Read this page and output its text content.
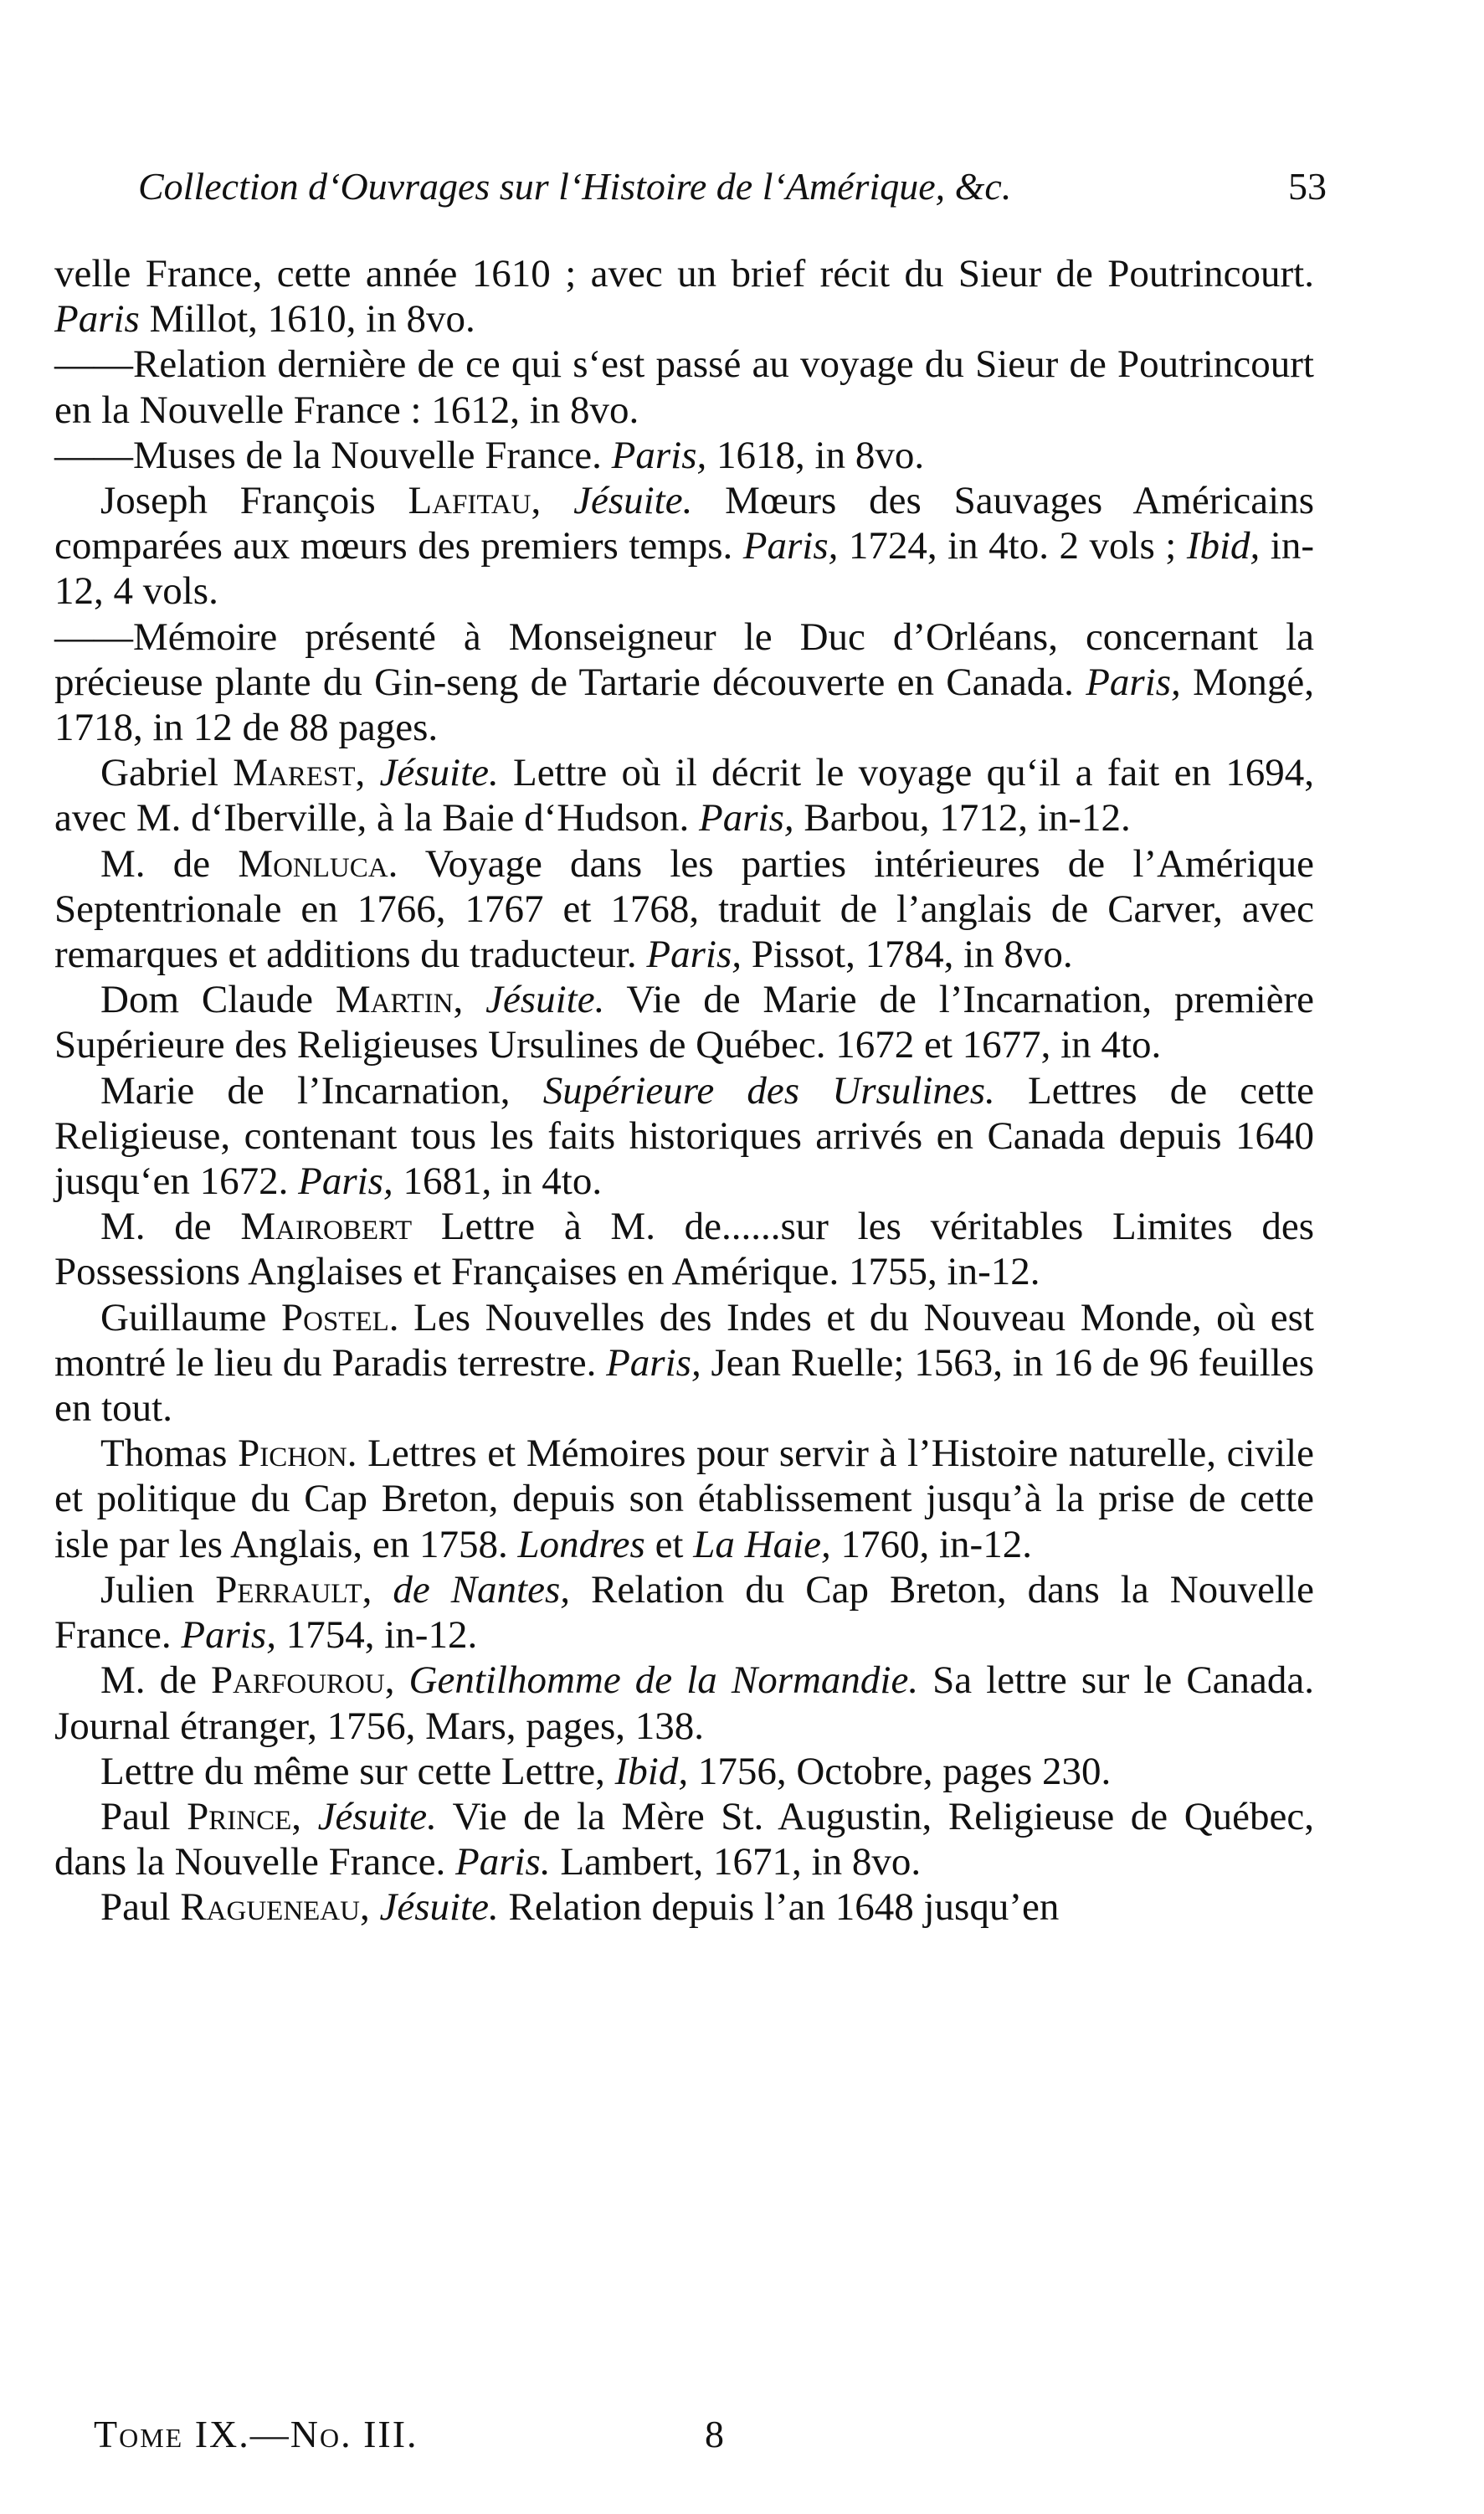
Collection d‘Ouvrages sur l‘Histoire de l‘Amérique, &c.	53

velle France, cette année 1610 ; avec un brief récit du Sieur de Poutrincourt. Paris Millot, 1610, in 8vo.

——Relation dernière de ce qui s‘est passé au voyage du Sieur de Poutrincourt en la Nouvelle France : 1612, in 8vo.

——Muses de la Nouvelle France. Paris, 1618, in 8vo.

Joseph François Lafitau, Jésuite. Mœurs des Sauvages Américains comparées aux mœurs des premiers temps. Paris, 1724, in 4to. 2 vols ; Ibid, in-12, 4 vols.

——Mémoire présenté à Monseigneur le Duc d’Orléans, concernant la précieuse plante du Gin-seng de Tartarie découverte en Canada. Paris, Mongé, 1718, in 12 de 88 pages.

Gabriel Marest, Jésuite. Lettre où il décrit le voyage qu‘il a fait en 1694, avec M. d‘Iberville, à la Baie d‘Hudson. Paris, Barbou, 1712, in-12.

M. de Monluca. Voyage dans les parties intérieures de l’Amérique Septentrionale en 1766, 1767 et 1768, traduit de l’anglais de Carver, avec remarques et additions du traducteur. Paris, Pissot, 1784, in 8vo.

Dom Claude Martin, Jésuite. Vie de Marie de l’Incarnation, première Supérieure des Religieuses Ursulines de Québec. 1672 et 1677, in 4to.

Marie de l’Incarnation, Supérieure des Ursulines. Lettres de cette Religieuse, contenant tous les faits historiques arrivés en Canada depuis 1640 jusqu‘en 1672. Paris, 1681, in 4to.

M. de Mairobert Lettre à M. de......sur les véritables Limites des Possessions Anglaises et Françaises en Amérique. 1755, in-12.

Guillaume Postel. Les Nouvelles des Indes et du Nouveau Monde, où est montré le lieu du Paradis terrestre. Paris, Jean Ruelle; 1563, in 16 de 96 feuilles en tout.

Thomas Pichon. Lettres et Mémoires pour servir à l’Histoire naturelle, civile et politique du Cap Breton, depuis son établissement jusqu’à la prise de cette isle par les Anglais, en 1758. Londres et La Haie, 1760, in-12.

Julien Perrault, de Nantes, Relation du Cap Breton, dans la Nouvelle France. Paris, 1754, in-12.

M. de Parfourou, Gentilhomme de la Normandie. Sa lettre sur le Canada. Journal étranger, 1756, Mars, pages, 138.

Lettre du même sur cette Lettre, Ibid, 1756, Octobre, pages 230.

Paul Prince, Jésuite. Vie de la Mère St. Augustin, Religieuse de Québec, dans la Nouvelle France. Paris. Lambert, 1671, in 8vo.

Paul Ragueneau, Jésuite. Relation depuis l’an 1648 jusqu’en

Tome IX.—No. III.	8
